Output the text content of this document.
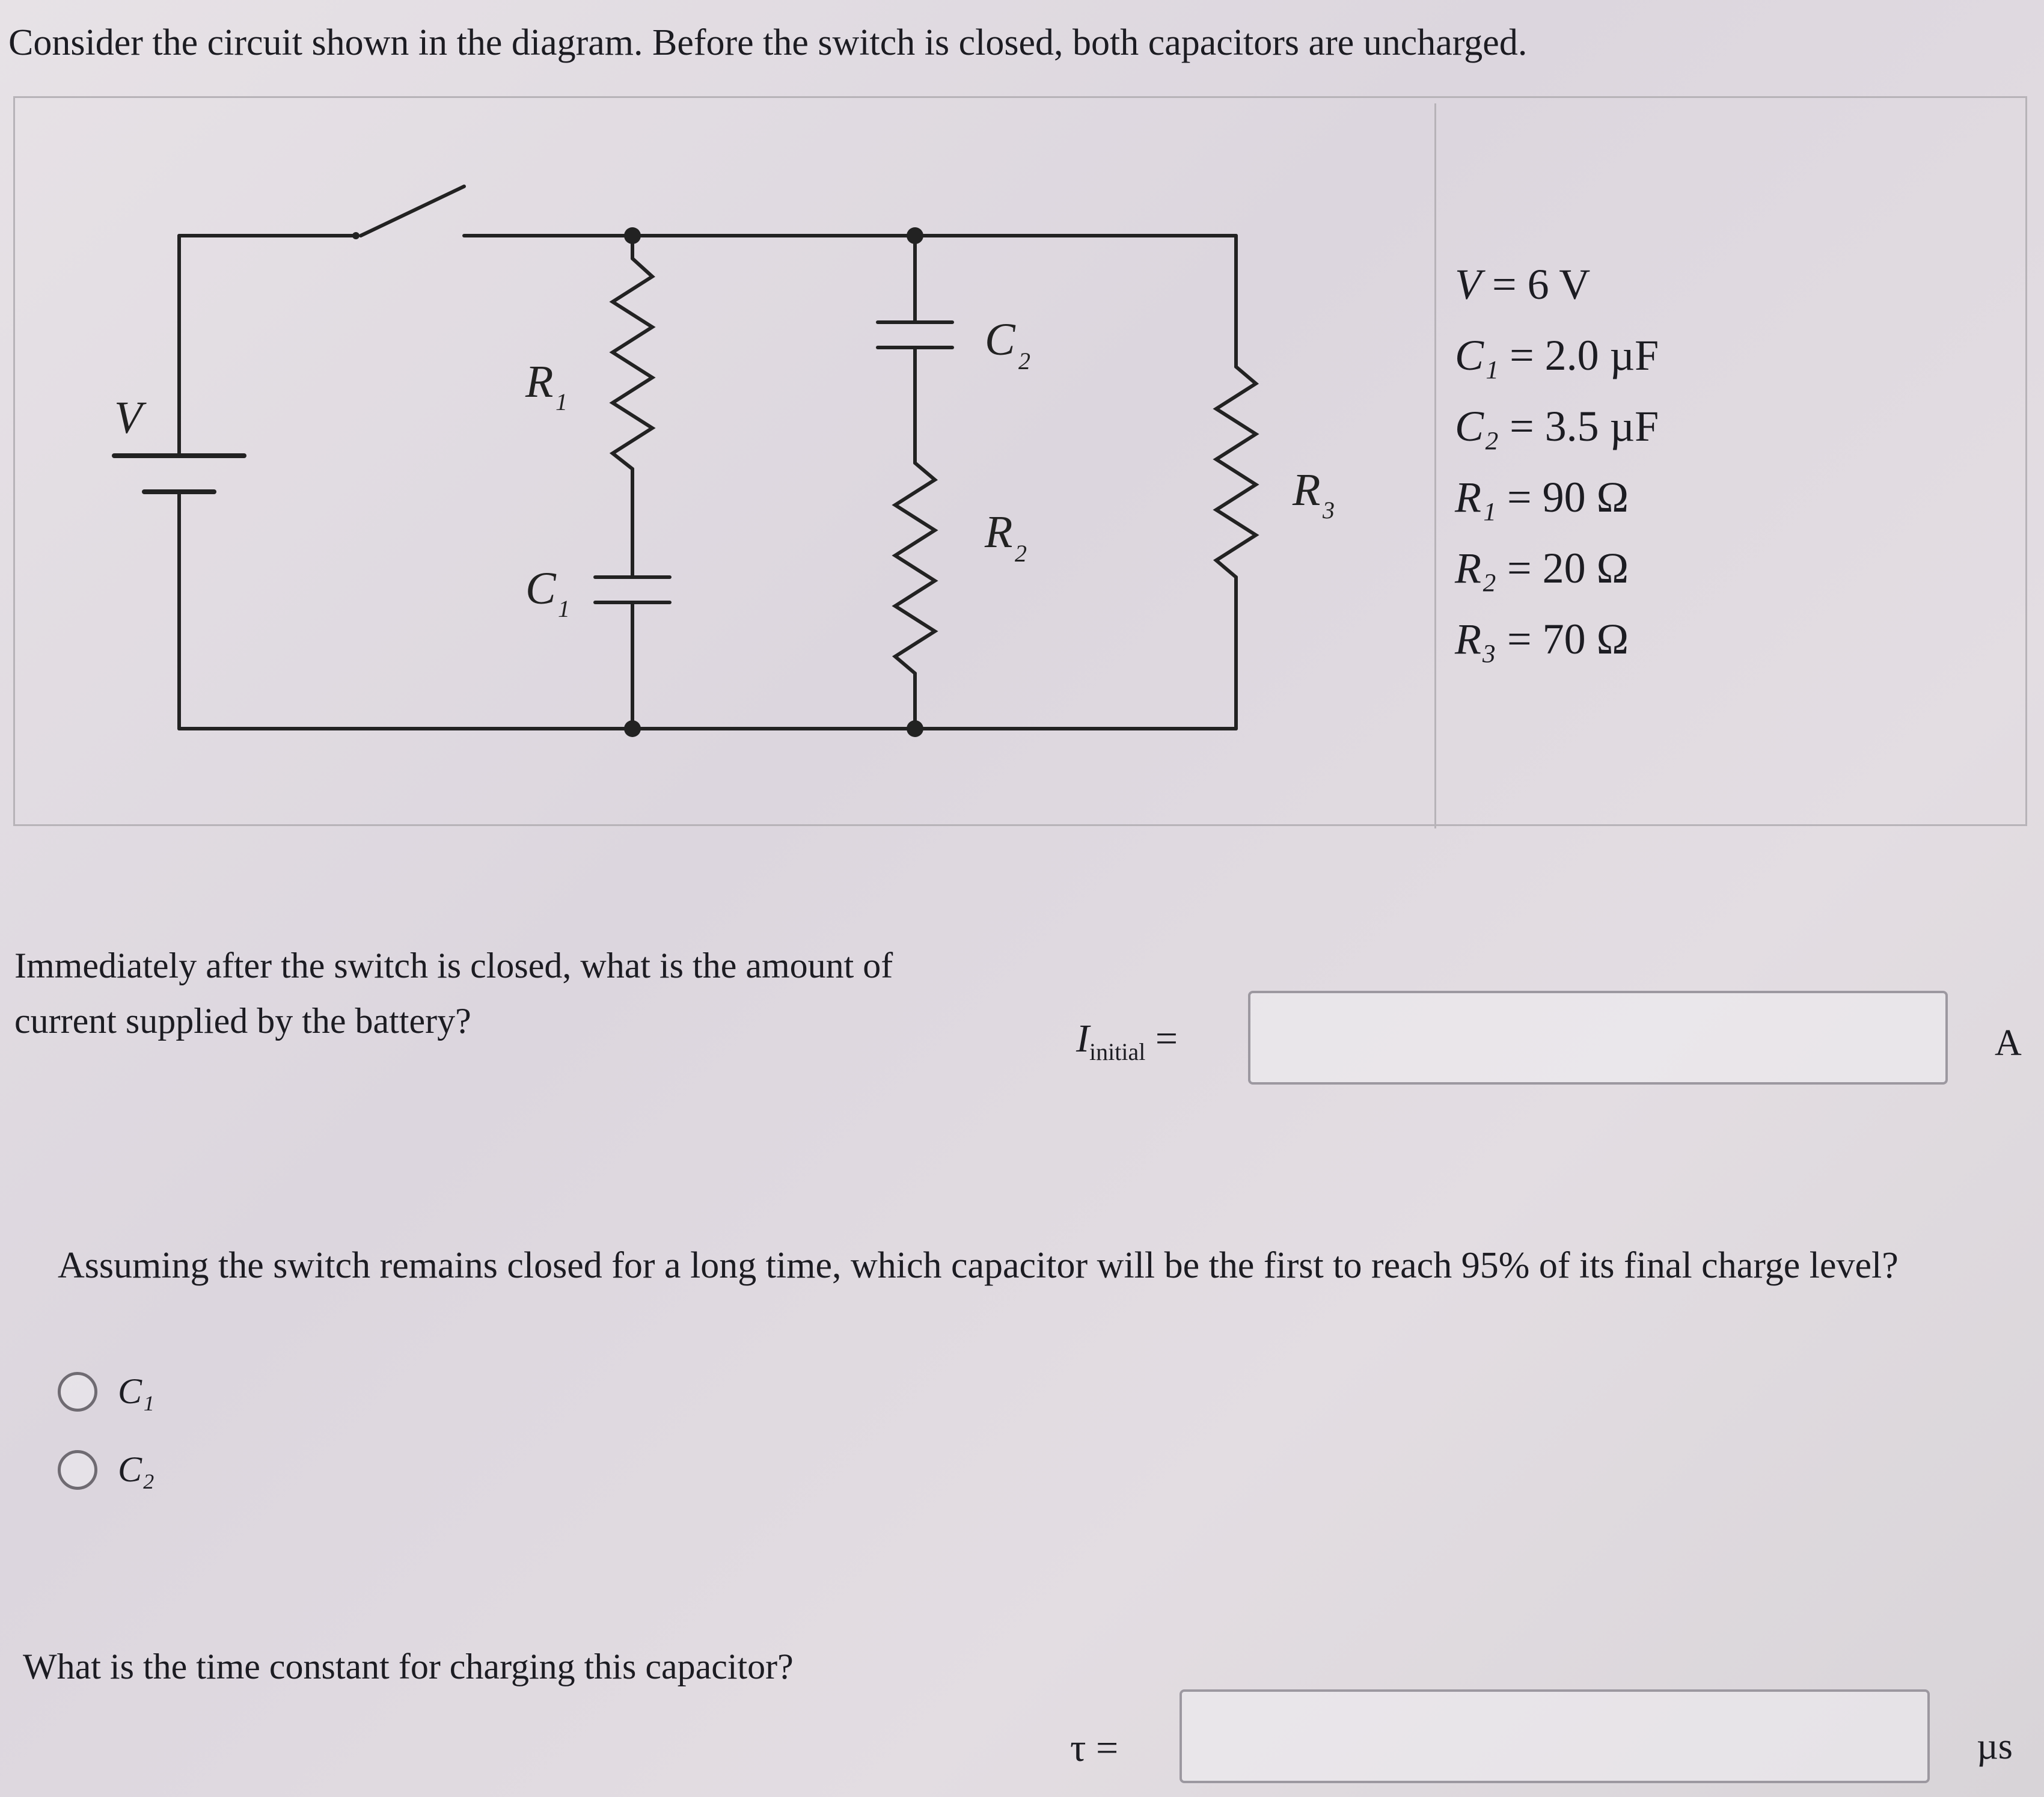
Consider the circuit shown in the diagram. Before the switch is closed, both capacitors are uncharged.
V
R 1
C 1
C 2
R 2
R 3
V = 6 V
C₁ = 2.0 µF
C₂ = 3.5 µF
R₁ = 90 Ω
R₂ = 20 Ω
R₃ = 70 Ω
Immediately after the switch is closed, what is the amount of current supplied by the battery?	$I_{initial}$ =	A
Assuming the switch remains closed for a long time, which capacitor will be the first to reach 95% of its final charge level?
C₁
C₂
What is the time constant for charging this capacitor?
τ =	µs
